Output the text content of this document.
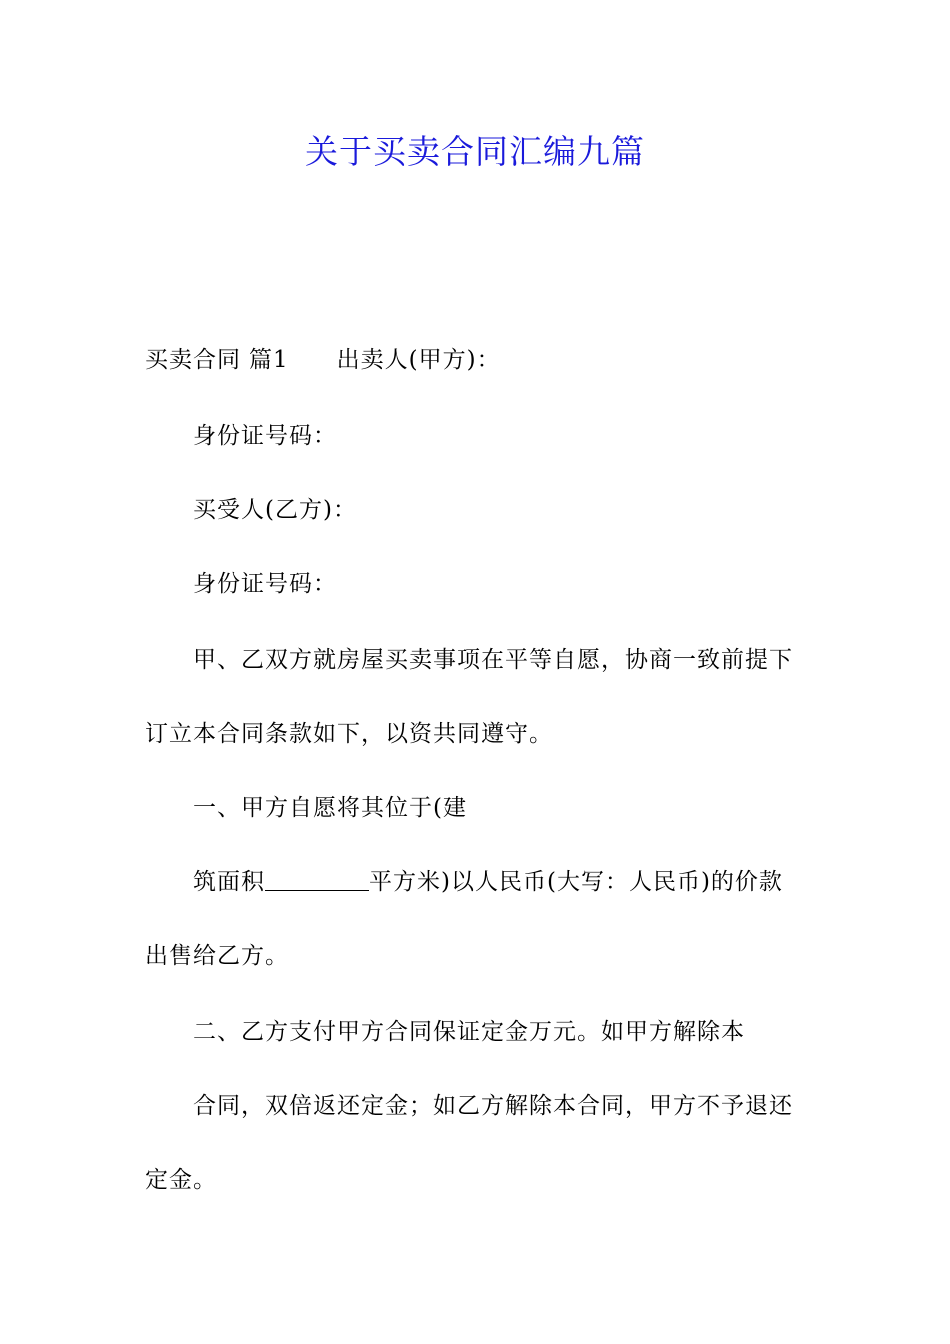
关于买卖合同汇编九篇
买卖合同 篇1 出卖人(甲方)：
身份证号码：
买受人(乙方)：
身份证号码：
甲、乙双方就房屋买卖事项在平等自愿，协商一致前提下
订立本合同条款如下，以资共同遵守。
一、甲方自愿将其位于(建
筑面积	平方米)以人民币(大写：人民币)的价款
出售给乙方。
二、乙方支付甲方合同保证定金万元。如甲方解除本
合同，双倍返还定金；如乙方解除本合同，甲方不予退还
定金。
